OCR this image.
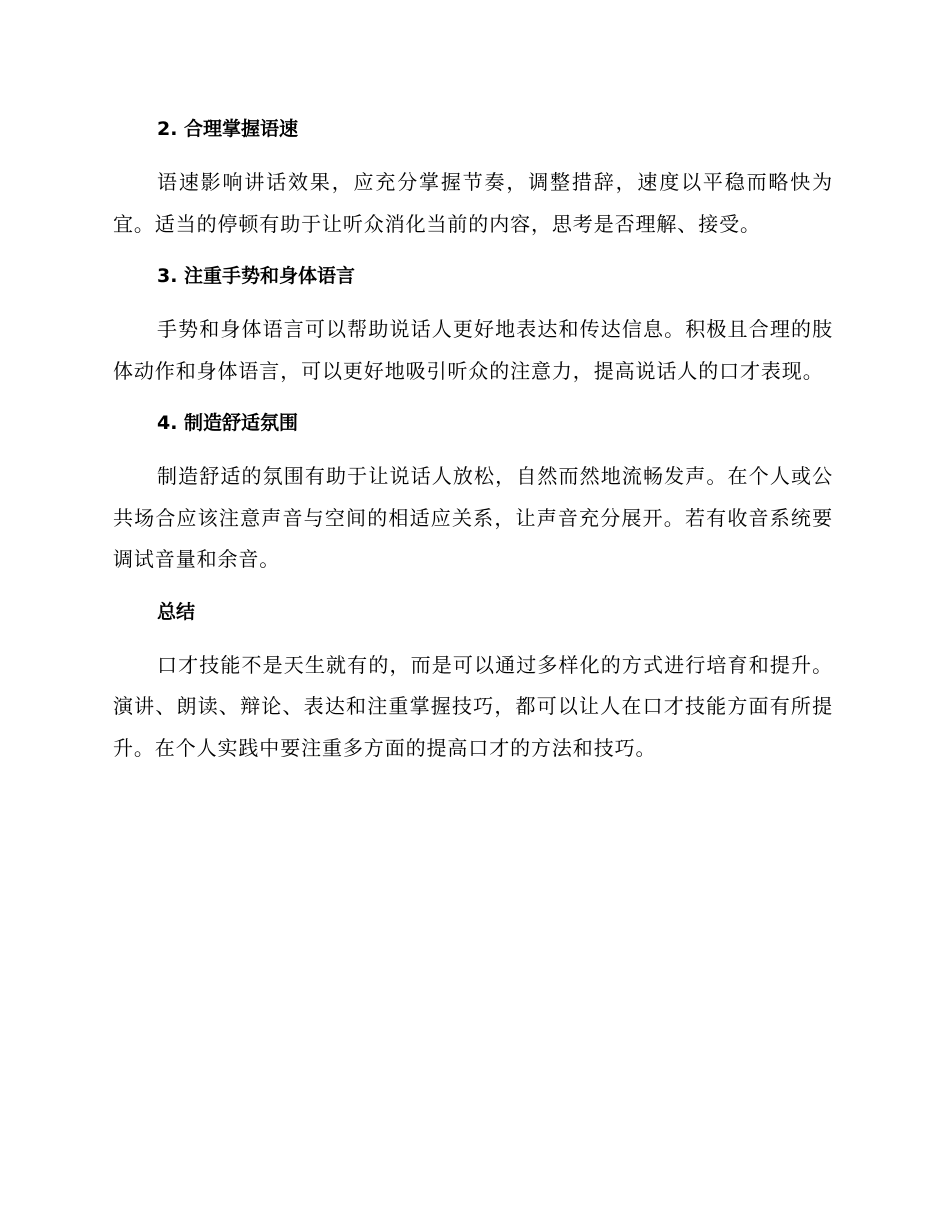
2. 合理掌握语速

语速影响讲话效果，应充分掌握节奏，调整措辞，速度以平稳而略快为宜。适当的停顿有助于让听众消化当前的内容，思考是否理解、接受。

3. 注重手势和身体语言

手势和身体语言可以帮助说话人更好地表达和传达信息。积极且合理的肢体动作和身体语言，可以更好地吸引听众的注意力，提高说话人的口才表现。

4. 制造舒适氛围

制造舒适的氛围有助于让说话人放松，自然而然地流畅发声。在个人或公共场合应该注意声音与空间的相适应关系，让声音充分展开。若有收音系统要调试音量和余音。

总结

口才技能不是天生就有的，而是可以通过多样化的方式进行培育和提升。演讲、朗读、辩论、表达和注重掌握技巧，都可以让人在口才技能方面有所提升。在个人实践中要注重多方面的提高口才的方法和技巧。
